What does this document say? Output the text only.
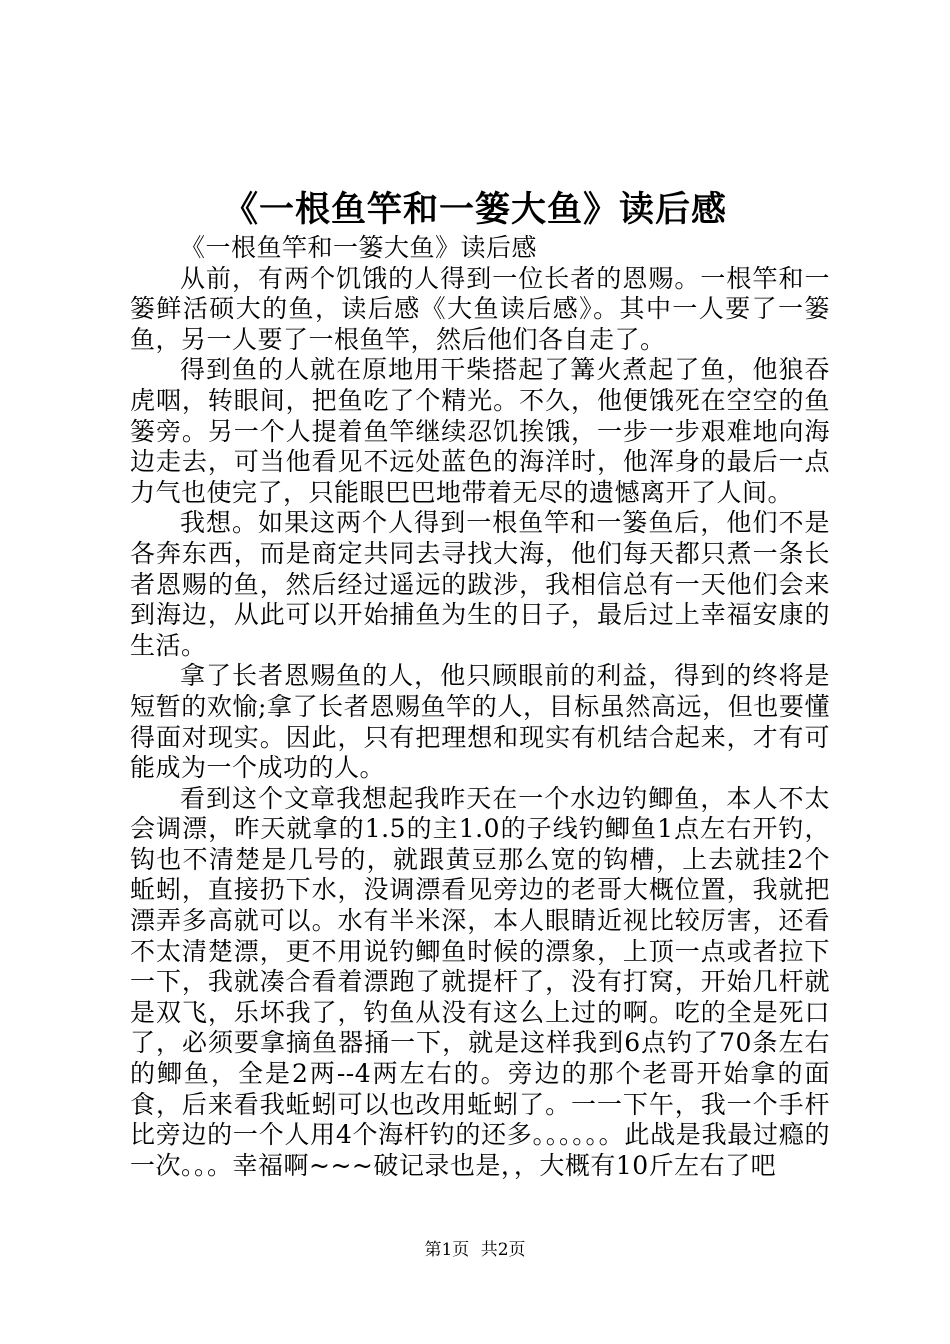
《一根鱼竿和一篓大鱼》读后感

《一根鱼竿和一篓大鱼》读后感

从前，有两个饥饿的人得到一位长者的恩赐。一根竿和一篓鲜活硕大的鱼，读后感《大鱼读后感》。其中一人要了一篓鱼，另一人要了一根鱼竿，然后他们各自走了。

得到鱼的人就在原地用干柴搭起了篝火煮起了鱼，他狼吞虎咽，转眼间，把鱼吃了个精光。不久，他便饿死在空空的鱼篓旁。另一个人提着鱼竿继续忍饥挨饿，一步一步艰难地向海边走去，可当他看见不远处蓝色的海洋时，他浑身的最后一点力气也使完了，只能眼巴巴地带着无尽的遗憾离开了人间。

我想。如果这两个人得到一根鱼竿和一篓鱼后，他们不是各奔东西，而是商定共同去寻找大海，他们每天都只煮一条长者恩赐的鱼，然后经过遥远的跋涉，我相信总有一天他们会来到海边，从此可以开始捕鱼为生的日子，最后过上幸福安康的生活。

拿了长者恩赐鱼的人，他只顾眼前的利益，得到的终将是短暂的欢愉;拿了长者恩赐鱼竿的人，目标虽然高远，但也要懂得面对现实。因此，只有把理想和现实有机结合起来，才有可能成为一个成功的人。

看到这个文章我想起我昨天在一个水边钓鲫鱼，本人不太会调漂，昨天就拿的1.5的主1.0的子线钓鲫鱼1点左右开钓，钩也不清楚是几号的，就跟黄豆那么宽的钩槽，上去就挂2个蚯蚓，直接扔下水，没调漂看见旁边的老哥大概位置，我就把漂弄多高就可以。水有半米深，本人眼睛近视比较厉害，还看不太清楚漂，更不用说钓鲫鱼时候的漂象，上顶一点或者拉下一下，我就凑合看着漂跑了就提杆了，没有打窝，开始几杆就是双飞，乐坏我了，钓鱼从没有这么上过的啊。吃的全是死口了，必须要拿摘鱼器捅一下，就是这样我到6点钓了70条左右的鲫鱼，全是2两--4两左右的。旁边的那个老哥开始拿的面食，后来看我蚯蚓可以也改用蚯蚓了。一一下午，我一个手杆比旁边的一个人用4个海杆钓的还多。。。。。。此战是我最过瘾的一次。。。幸福啊~~~破记录也是，，大概有10斤左右了吧

第1页 共2页
